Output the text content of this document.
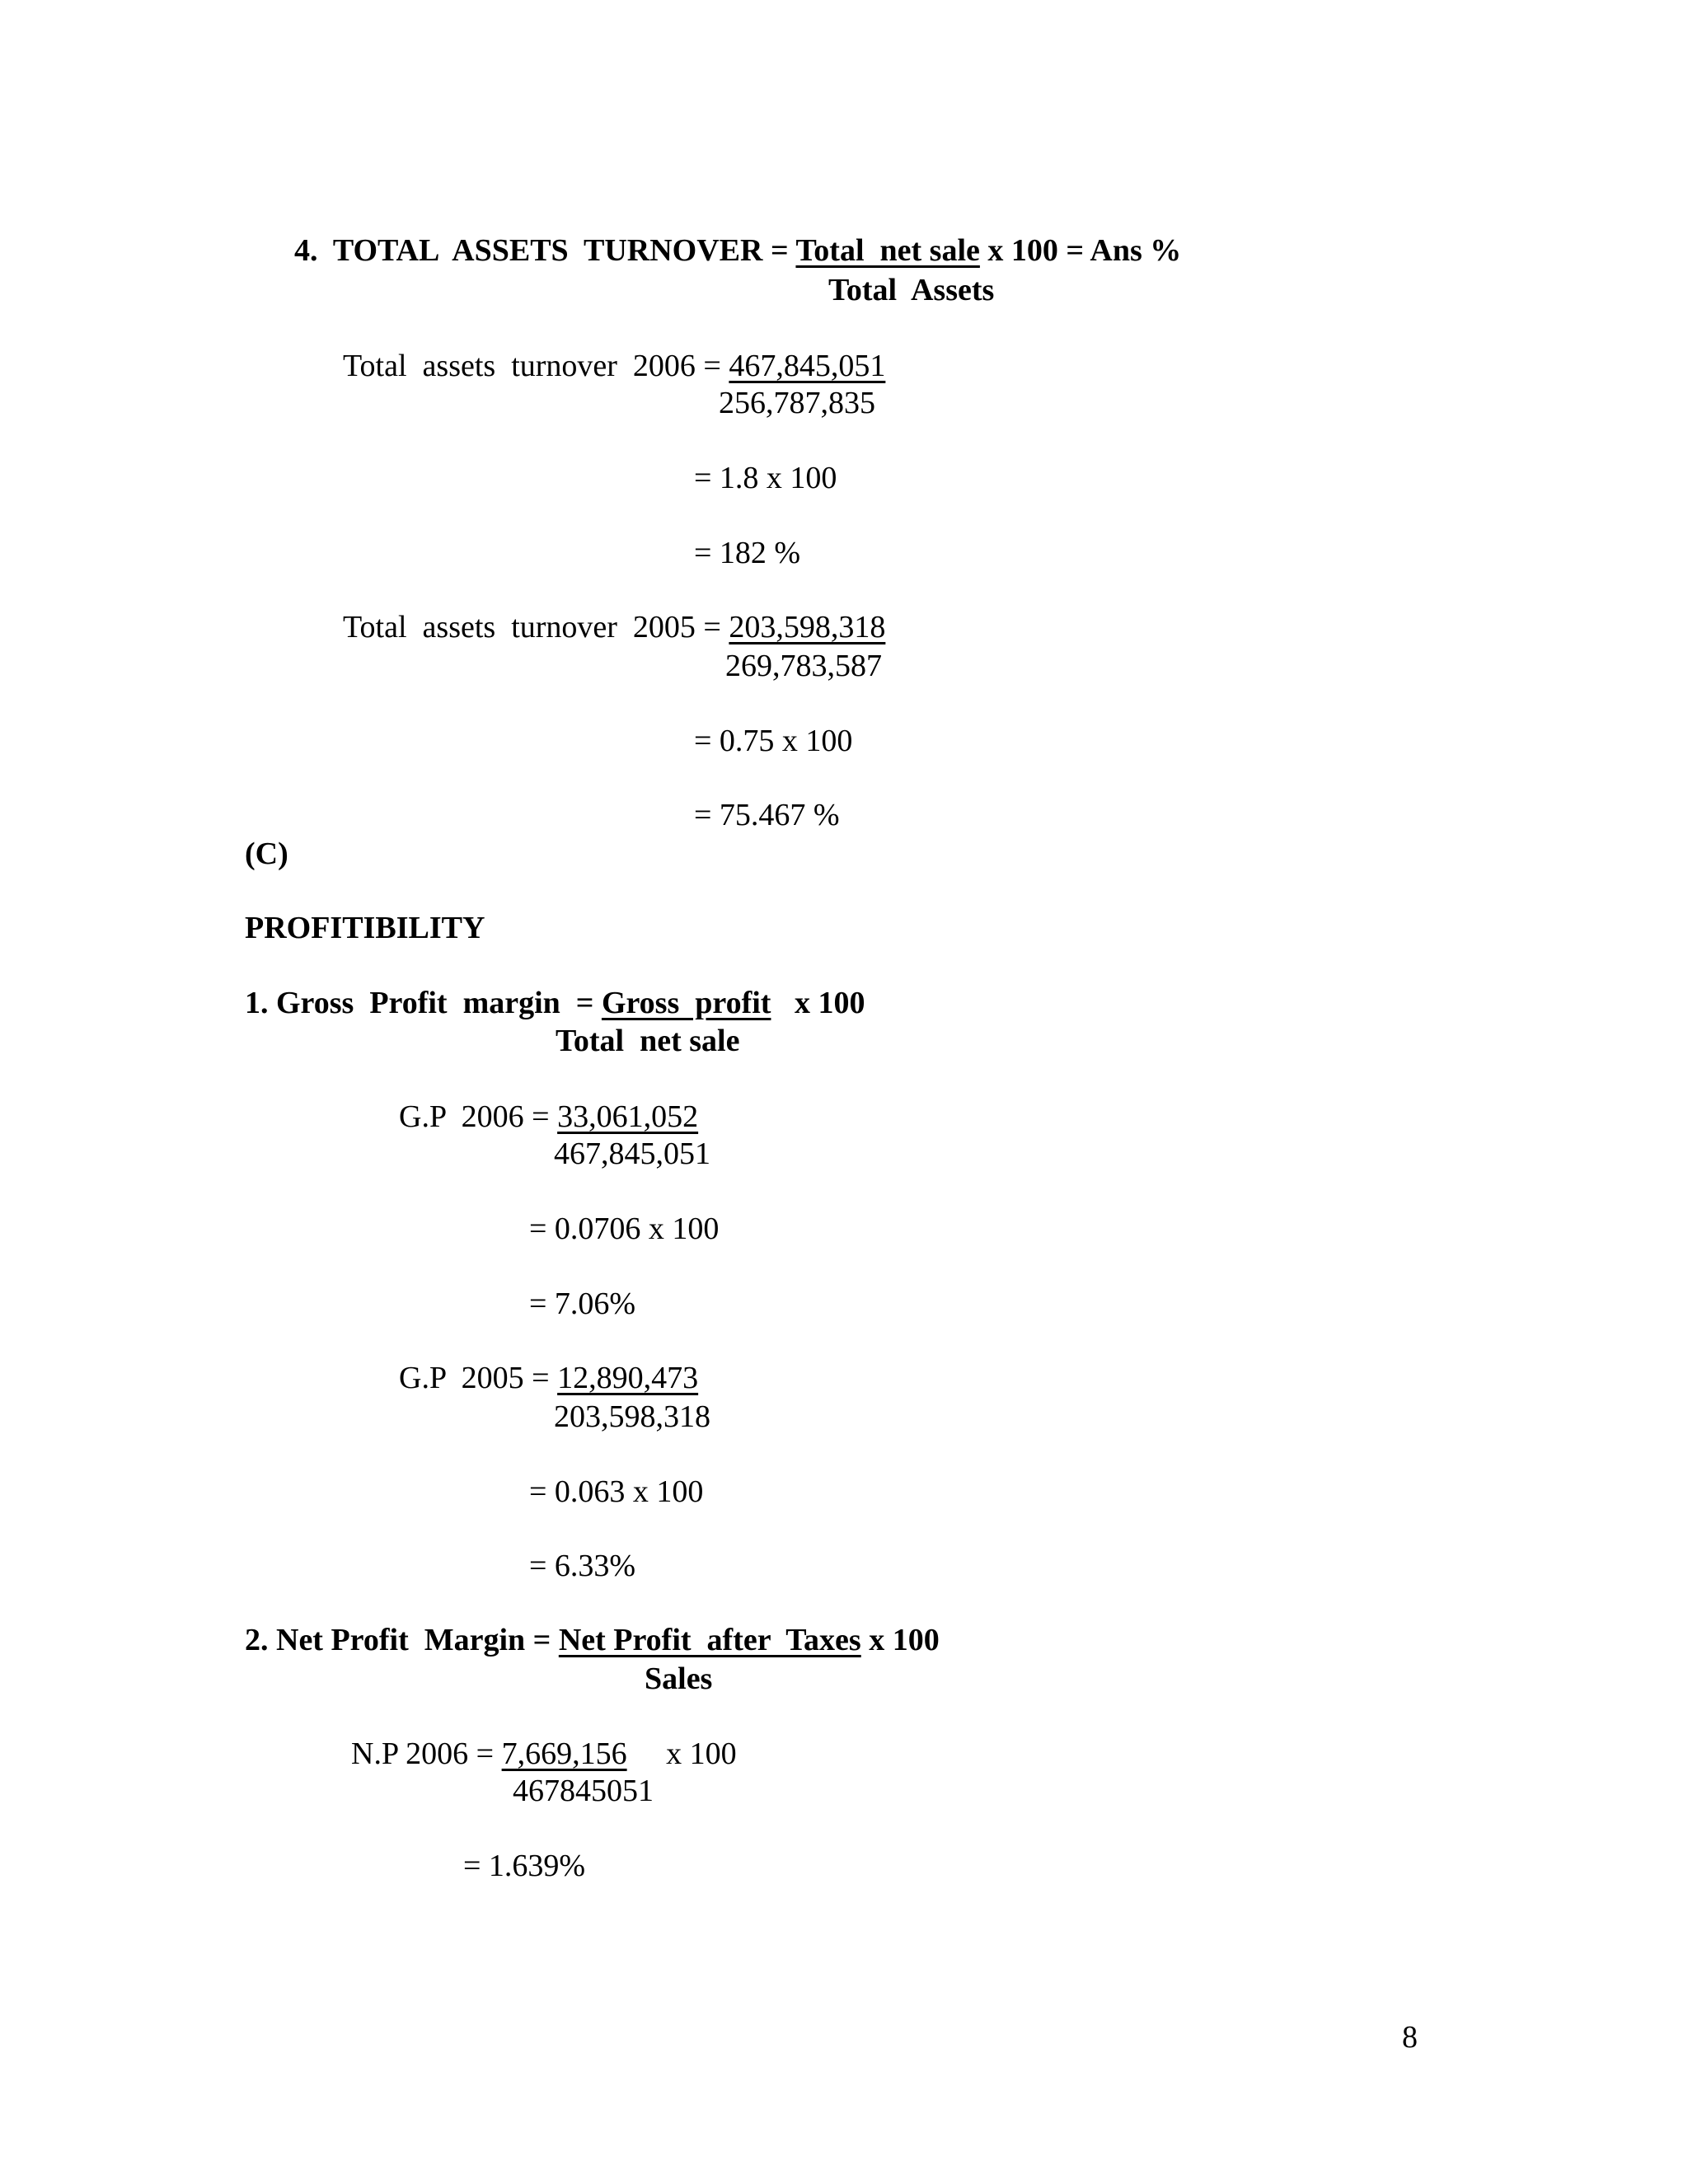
4.  TOTAL  ASSETS  TURNOVER = Total  net sale x 100 = Ans %
Total  Assets
Total  assets  turnover  2006 = 467,845,051
256,787,835
= 1.8 x 100
= 182 %
Total  assets  turnover  2005 = 203,598,318
269,783,587
= 0.75 x 100
= 75.467 %
(C)
PROFITIBILITY
1. Gross  Profit  margin  = Gross  profit   x 100
Total  net sale
G.P  2006 = 33,061,052
467,845,051
= 0.0706 x 100
= 7.06%
G.P  2005 = 12,890,473
203,598,318
= 0.063 x 100
= 6.33%
2. Net Profit  Margin = Net Profit  after  Taxes x 100
Sales
N.P 2006 = 7,669,156     x 100
467845051
= 1.639%
8
